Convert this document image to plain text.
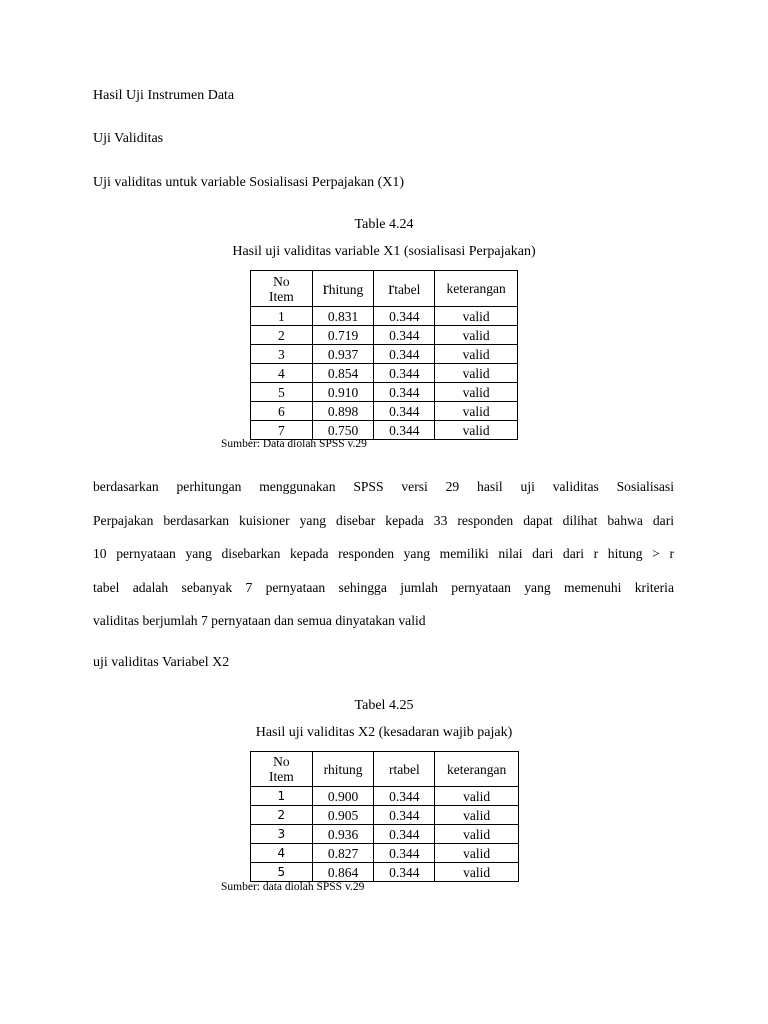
Hasil Uji Instrumen Data
Uji Validitas
Uji validitas untuk variable Sosialisasi Perpajakan (X1)
Table 4.24
Hasil uji validitas variable X1 (sosialisasi Perpajakan)
No
Item	rhitung	rtabel	keterangan
1	0.831	0.344	valid
2	0.719	0.344	valid
3	0.937	0.344	valid
4	0.854	0.344	valid
5	0.910	0.344	valid
6	0.898	0.344	valid
7	0.750	0.344	valid
Sumber: Data diolah SPSS v.29

berdasarkan perhitungan menggunakan SPSS versi 29 hasil uji validitas Sosialisasi

Perpajakan berdasarkan kuisioner yang disebar kepada 33 responden dapat dilihat bahwa dari

10 pernyataan yang disebarkan kepada responden yang memiliki nilai dari dari r hitung > r

tabel adalah sebanyak 7 pernyataan sehingga jumlah pernyataan yang memenuhi kriteria

validitas berjumlah 7 pernyataan dan semua dinyatakan valid

uji validitas Variabel X2
Tabel 4.25
Hasil uji validitas X2 (kesadaran wajib pajak)
No
Item	rhitung	rtabel	keterangan
1	0.900	0.344	valid
2	0.905	0.344	valid
3	0.936	0.344	valid
4	0.827	0.344	valid
5	0.864	0.344	valid
Sumber: data diolah SPSS v.29
